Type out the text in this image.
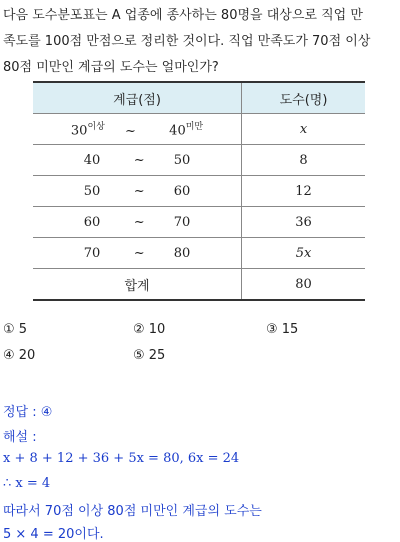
다음 도수분포표는 A 업종에 종사하는 80명을 대상으로 직업 만
족도를 100점 만점으로 정리한 것이다. 직업 만족도가 70점 이상
80점 미만인 계급의 도수는 얼마인가?
계급(점)	도수(명)
$30^{이상}$ ~ $40^{미만}$	x
40 ~ 50	8
50 ~ 60	12
60 ~ 70	36
70 ~ 80	5x
합계	80
① 5	② 10	③ 15
④ 20	⑤ 25
정답 : ④
해설 :
x + 8 + 12 + 36 + 5x = 80, 6x = 24
∴ x = 4
따라서 70점 이상 80점 미만인 계급의 도수는
5 × 4 = 20이다.
